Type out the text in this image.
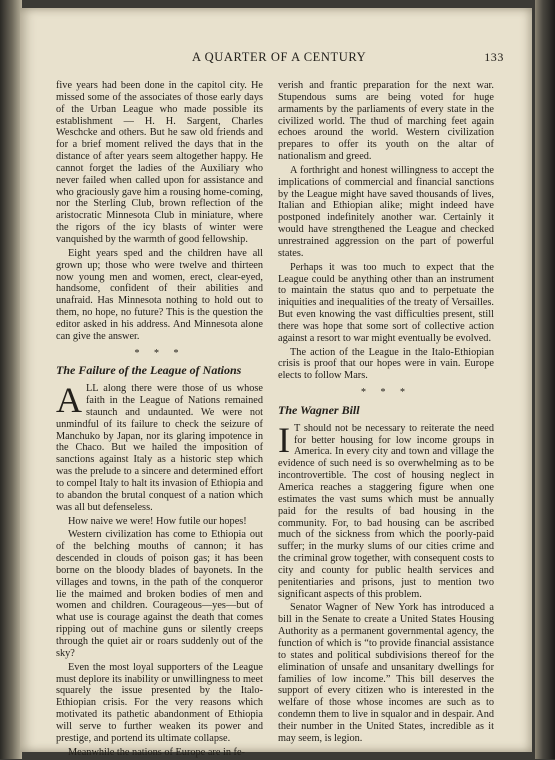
A QUARTER OF A CENTURY	133

five years had been done in the capitol city. He missed some of the associates of those early days of the Urban League who made possible its establishment — H. H. Sargent, Charles Weschcke and others. But he saw old friends and for a brief moment relived the days that in the distance of after years seem altogether happy. He cannot forget the ladies of the Auxiliary who never failed when called upon for assistance and who graciously gave him a rousing home-coming, nor the Sterling Club, brown reflection of the aristocratic Minnesota Club in miniature, where the rigors of the icy blasts of winter were vanquished by the warmth of good fellowship.

Eight years sped and the children have all grown up; those who were twelve and thirteen now young men and women, erect, clear-eyed, handsome, confident of their abilities and unafraid. Has Minnesota nothing to hold out to them, no hope, no future? This is the question the editor asked in his address. And Minnesota alone can give the answer.

* * *
The Failure of the League of Nations

ALL along there were those of us whose faith in the League of Nations remained staunch and undaunted. We were not unmindful of its failure to check the seizure of Manchuko by Japan, nor its glaring impotence in the Chaco. But we hailed the imposition of sanctions against Italy as a historic step which was the prelude to a sincere and determined effort to compel Italy to halt its invasion of Ethiopia and to abandon the brutal conquest of a nation which was all but defenseless.

How naive we were! How futile our hopes!

Western civilization has come to Ethiopia out of the belching mouths of cannon; it has descended in clouds of poison gas; it has been borne on the bloody blades of bayonets. In the villages and towns, in the path of the conqueror lie the maimed and broken bodies of men and women and children. Courageous—yes—but of what use is courage against the death that comes ripping out of machine guns or silently creeps through the quiet air or roars suddenly out of the sky?

Even the most loyal supporters of the League must deplore its inability or unwillingness to meet squarely the issue presented by the Italo-Ethiopian crisis. For the very reasons which motivated its pathetic abandonment of Ethiopia will serve to further weaken its power and prestige, and portend its ultimate collapse.

Meanwhile the nations of Europe are in fe-

verish and frantic preparation for the next war. Stupendous sums are being voted for huge armaments by the parliaments of every state in the civilized world. The thud of marching feet again echoes around the world. Western civilization prepares to offer its youth on the altar of nationalism and greed.

A forthright and honest willingness to accept the implications of commercial and financial sanctions by the League might have saved thousands of lives, Italian and Ethiopian alike; might indeed have postponed indefinitely another war. Certainly it would have strengthened the League and checked unrestrained aggression on the part of powerful states.

Perhaps it was too much to expect that the League could be anything other than an instrument to maintain the status quo and to perpetuate the iniquities and inequalities of the treaty of Versailles. But even knowing the vast difficulties present, still there was hope that some sort of collective action against a resort to war might eventually be evolved.

The action of the League in the Italo-Ethiopian crisis is proof that our hopes were in vain. Europe elects to follow Mars.

* * *
The Wagner Bill

I T should not be necessary to reiterate the need for better housing for low income groups in America. In every city and town and village the evidence of such need is so overwhelming as to be incontrovertible. The cost of housing neglect in America reaches a staggering figure when one estimates the vast sums which must be annually paid for the results of bad housing in the community. For, to bad housing can be ascribed much of the sickness from which the poorly-paid suffer; in the murky slums of our cities crime and the criminal grow together, with consequent costs to city and county for public health services and penitentiaries and prisons, just to mention two significant aspects of this problem.

Senator Wagner of New York has introduced a bill in the Senate to create a United States Housing Authority as a permanent governmental agency, the function of which is “to provide financial assistance to states and political subdivisions thereof for the elimination of unsafe and unsanitary dwellings for families of low income.” This bill deserves the support of every citizen who is interested in the welfare of those whose incomes are such as to condemn them to live in squalor and in despair. And their number in the United States, incredible as it may seem, is legion.
